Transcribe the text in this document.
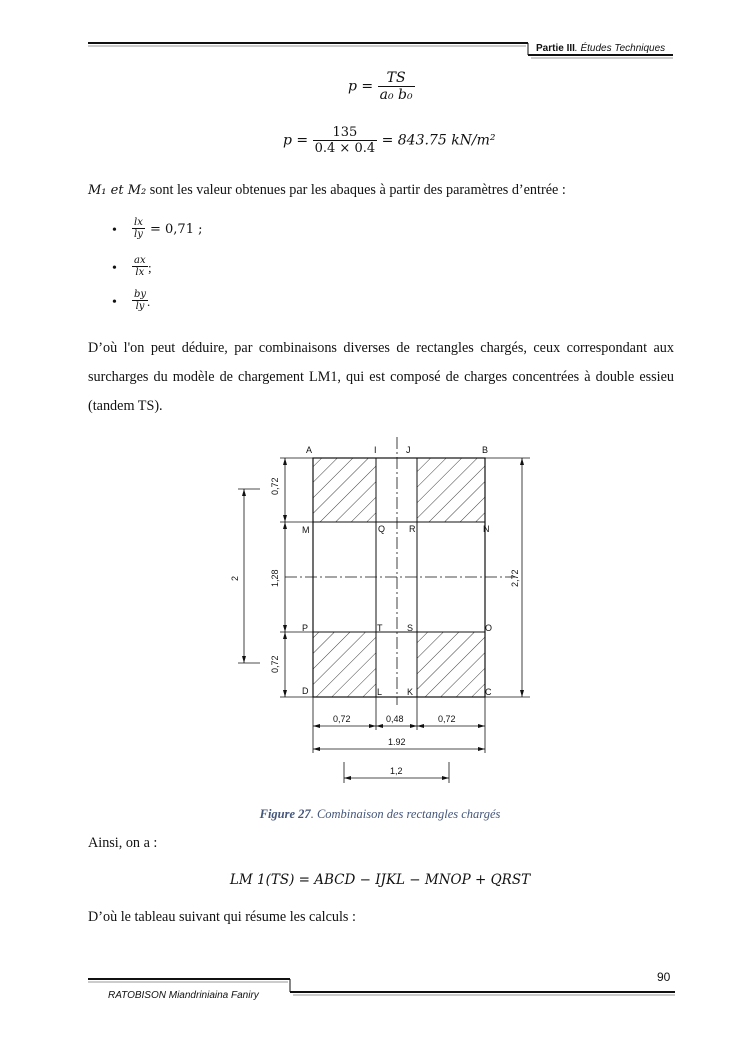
Partie III. Études Techniques
$p = \frac{TS}{\text{a₀ b₀}}$
$p = \frac{135}{0.4 \times 0.4} = 843.75$ kN/m²
M₁ et M₂ sont les valeur obtenues par les abaques à partir des paramètres d’entrée :
• $\frac{lx}{ly} = 0,71$ ;
• $\frac{ax}{lx}$ ;
• $\frac{by}{ly}$
.
D’où l'on peut déduire, par combinaisons diverses de rectangles chargés, ceux correspondant aux surcharges du modèle de chargement LM1, qui est composé de charges concentrées à double essieu (tandem TS).
A	I	J	B
M	Q	R	N
P	T	S	O
D	L	K	C
0,72
1,28
0,72
2	2,72
0,72	0,48	0,72
1.92
1,2
Figure 27. Combinaison des rectangles chargés
Ainsi, on a :
LM 1(TS) = ABCD − IJKL − MNOP + QRST
D’où le tableau suivant qui résume les calculs :
90
RATOBISON Miandriniaina Faniry
